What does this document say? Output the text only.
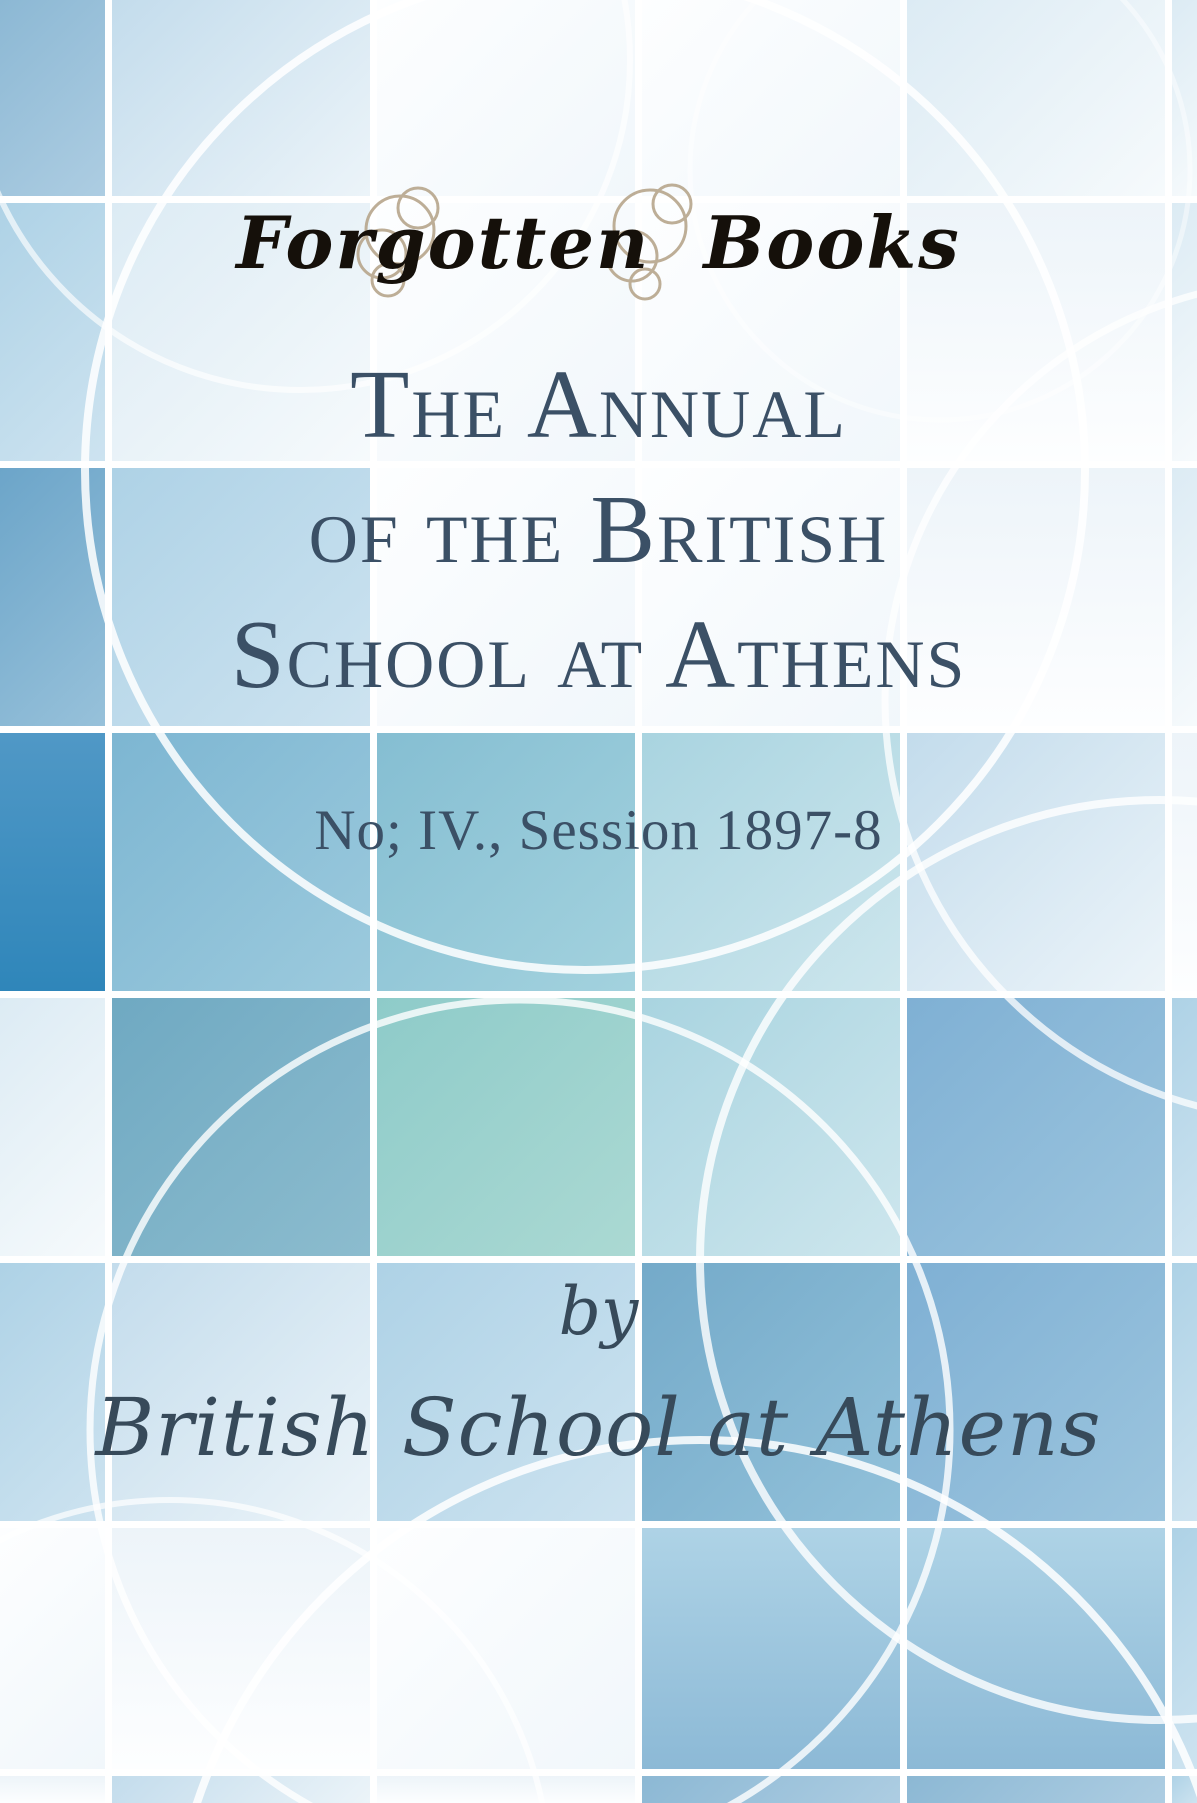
Forgotten Books
The Annual
of the British
School at Athens
No; IV., Session 1897-8
by
British School at Athens
